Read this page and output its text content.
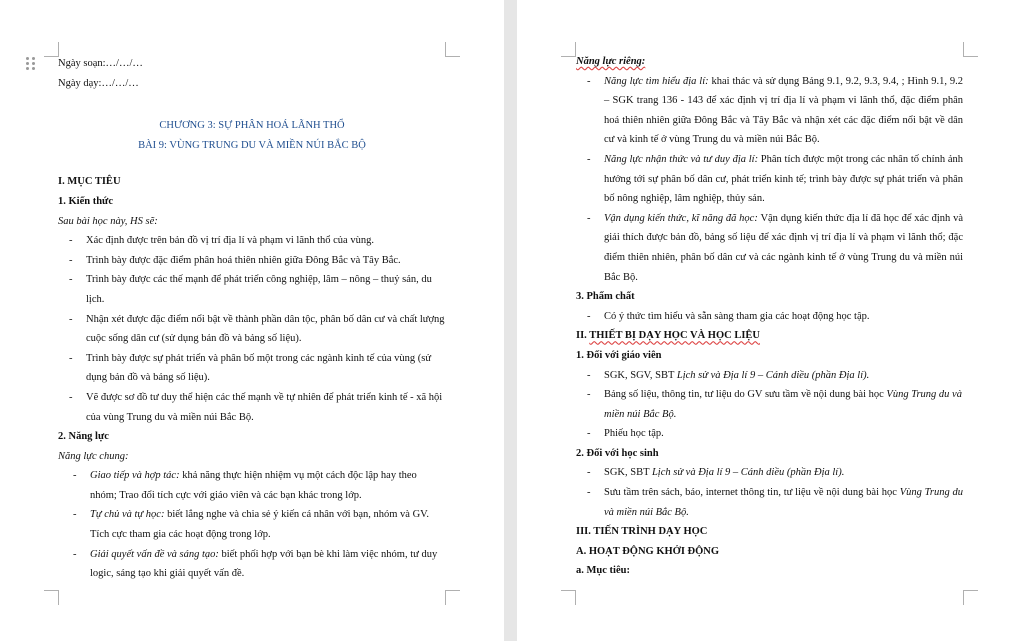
Ngày soạn:…/…/…

Ngày dạy:…/…/…

CHƯƠNG 3: SỰ PHÂN HOÁ LÃNH THỔ

BÀI 9: VÙNG TRUNG DU VÀ MIỀN NÚI BẮC BỘ

I. MỤC TIÊU

1. Kiến thức

Sau bài học này, HS sẽ:

- Xác định được trên bản đồ vị trí địa lí và phạm vi lãnh thổ của vùng.
- Trình bày được đặc điểm phân hoá thiên nhiên giữa Đông Bắc và Tây Bắc.
- Trình bày được các thế mạnh để phát triển công nghiệp, lâm – nông – thuỷ sản, du lịch.
- Nhận xét được đặc điểm nổi bật về thành phần dân tộc, phân bố dân cư và chất lượng cuộc sống dân cư (sử dụng bản đồ và bảng số liệu).
- Trình bày được sự phát triển và phân bố một trong các ngành kinh tế của vùng (sử dụng bản đồ và bảng số liệu).
- Vẽ được sơ đồ tư duy thể hiện các thế mạnh về tự nhiên để phát triển kinh tế - xã hội của vùng Trung du và miền núi Bắc Bộ.

2. Năng lực

Năng lực chung:

- Giao tiếp và hợp tác: khả năng thực hiện nhiệm vụ một cách độc lập hay theo nhóm; Trao đổi tích cực với giáo viên và các bạn khác trong lớp.
- Tự chủ và tự học: biết lắng nghe và chia sẻ ý kiến cá nhân với bạn, nhóm và GV. Tích cực tham gia các hoạt động trong lớp.
- Giải quyết vấn đề và sáng tạo: biết phối hợp với bạn bè khi làm việc nhóm, tư duy logic, sáng tạo khi giải quyết vấn đề.

Năng lực riêng:

- Năng lực tìm hiểu địa lí: khai thác và sử dụng Bảng 9.1, 9.2, 9.3, 9.4, ; Hình 9.1, 9.2 – SGK trang 136 - 143 để xác định vị trí địa lí và phạm vi lãnh thổ, đặc điểm phân hoá thiên nhiên giữa Đông Bắc và Tây Bắc và nhận xét các đặc điểm nổi bật về dân cư và kinh tế ở vùng Trung du và miền núi Bắc Bộ.
- Năng lực nhận thức và tư duy địa lí: Phân tích được một trong các nhân tố chính ảnh hưởng tới sự phân bố dân cư, phát triển kinh tế; trình bày được sự phát triển và phân bố nông nghiệp, lâm nghiệp, thủy sản.
- Vận dụng kiến thức, kĩ năng đã học: Vận dụng kiến thức địa lí đã học để xác định và giải thích được bản đồ, bảng số liệu để xác định vị trí địa lí và phạm vi lãnh thổ; đặc điểm thiên nhiên, phân bố dân cư và các ngành kinh tế ở vùng Trung du và miền núi Bắc Bộ.

3. Phẩm chất

- Có ý thức tìm hiểu và sẵn sàng tham gia các hoạt động học tập.

II. THIẾT BỊ DẠY HỌC VÀ HỌC LIỆU

1. Đối với giáo viên

- SGK, SGV, SBT Lịch sử và Địa lí 9 – Cánh diều (phần Địa lí).
- Bảng số liệu, thông tin, tư liệu do GV sưu tầm về nội dung bài học Vùng Trung du và miền núi Bắc Bộ.
- Phiếu học tập.

2. Đối với học sinh

- SGK, SBT Lịch sử và Địa lí 9 – Cánh diều (phần Địa lí).
- Sưu tầm trên sách, báo, internet thông tin, tư liệu về nội dung bài học Vùng Trung du và miền núi Bắc Bộ.

III. TIẾN TRÌNH DẠY HỌC

A. HOẠT ĐỘNG KHỞI ĐỘNG

a. Mục tiêu:
